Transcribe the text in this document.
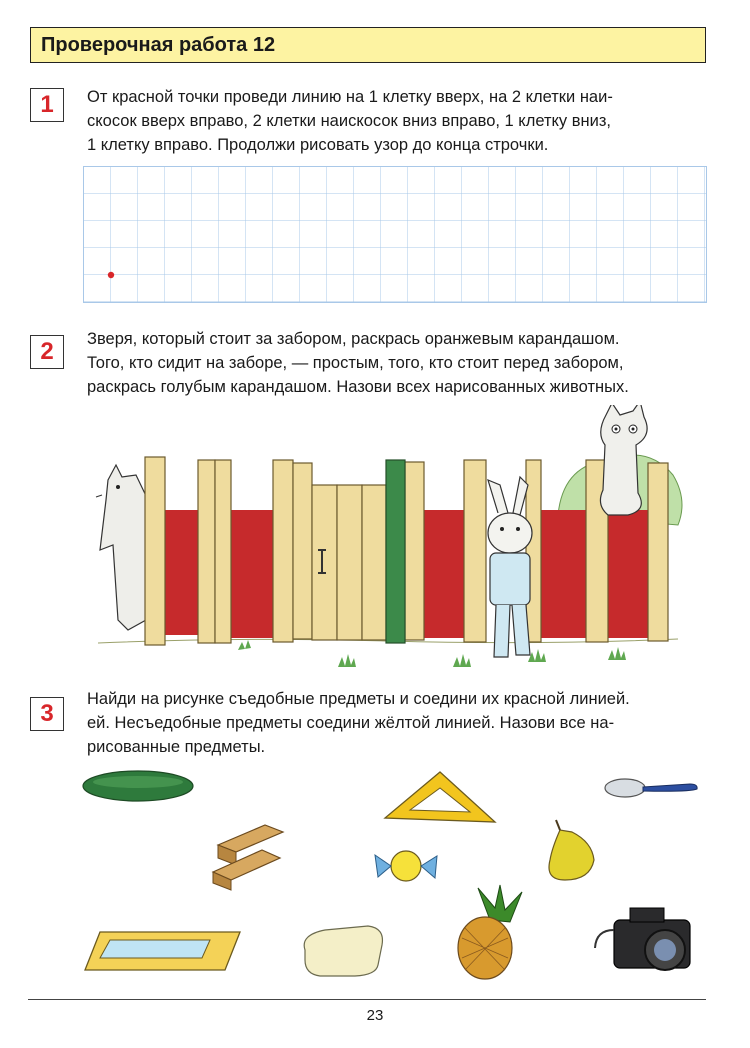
Проверочная работа 12
1	От красной точки проведи линию на 1 клетку вверх, на 2 клетки наи-
скосок вверх вправо, 2 клетки наискосок вниз вправо, 1 клетку вниз,
1 клетку вправо. Продолжи рисовать узор до конца строчки.
2	Зверя, который стоит за забором, раскрась оранжевым карандашом.
Того, кто сидит на заборе, — простым, того, кто стоит перед забором,
раскрась голубым карандашом. Назови всех нарисованных животных.
3
Найди на рисунке съедобные предметы и соедини их красной линией.
ей. Несъедобные предметы соедини жёлтой линией. Назови все на-
рисованные предметы.
23
